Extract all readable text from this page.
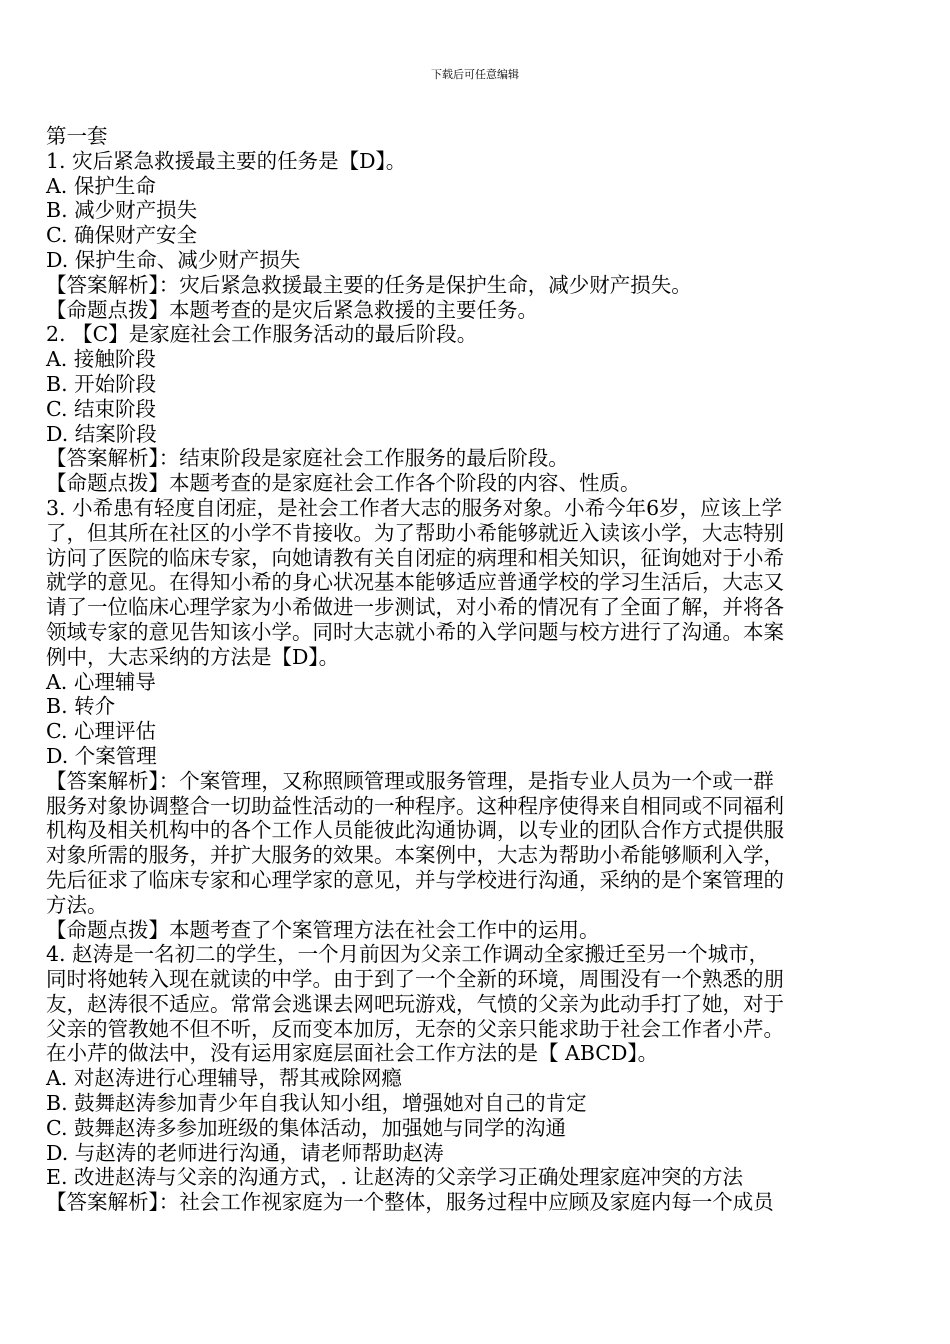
下载后可任意编辑
第一套
1. 灾后紧急救援最主要的任务是【D】。
A. 保护生命
B. 减少财产损失
C. 确保财产安全
D. 保护生命、减少财产损失
【答案解析】：灾后紧急救援最主要的任务是保护生命，减少财产损失。
【命题点拨】本题考查的是灾后紧急救援的主要任务。
2. 【C】是家庭社会工作服务活动的最后阶段。
A. 接触阶段
B. 开始阶段
C. 结束阶段
D. 结案阶段
【答案解析】：结束阶段是家庭社会工作服务的最后阶段。
【命题点拨】本题考查的是家庭社会工作各个阶段的内容、性质。
3. 小希患有轻度自闭症，是社会工作者大志的服务对象。小希今年6岁，应该上学
了，但其所在社区的小学不肯接收。为了帮助小希能够就近入读该小学，大志特别
访问了医院的临床专家，向她请教有关自闭症的病理和相关知识，征询她对于小希
就学的意见。在得知小希的身心状况基本能够适应普通学校的学习生活后，大志又
请了一位临床心理学家为小希做进一步测试，对小希的情况有了全面了解，并将各
领域专家的意见告知该小学。同时大志就小希的入学问题与校方进行了沟通。本案
例中，大志采纳的方法是【D】。
A. 心理辅导
B. 转介
C. 心理评估
D. 个案管理
【答案解析】：个案管理，又称照顾管理或服务管理，是指专业人员为一个或一群
服务对象协调整合一切助益性活动的一种程序。这种程序使得来自相同或不同福利
机构及相关机构中的各个工作人员能彼此沟通协调，以专业的团队合作方式提供服
对象所需的服务，并扩大服务的效果。本案例中，大志为帮助小希能够顺利入学，
先后征求了临床专家和心理学家的意见，并与学校进行沟通，采纳的是个案管理的
方法。
【命题点拨】本题考查了个案管理方法在社会工作中的运用。
4. 赵涛是一名初二的学生，一个月前因为父亲工作调动全家搬迁至另一个城市，
同时将她转入现在就读的中学。由于到了一个全新的环境，周围没有一个熟悉的朋
友，赵涛很不适应。常常会逃课去网吧玩游戏，气愤的父亲为此动手打了她，对于
父亲的管教她不但不听，反而变本加厉，无奈的父亲只能求助于社会工作者小芹。
在小芹的做法中，没有运用家庭层面社会工作方法的是【 ABCD】。
A. 对赵涛进行心理辅导，帮其戒除网瘾
B. 鼓舞赵涛参加青少年自我认知小组，增强她对自己的肯定
C. 鼓舞赵涛多参加班级的集体活动，加强她与同学的沟通
D. 与赵涛的老师进行沟通，请老师帮助赵涛
E. 改进赵涛与父亲的沟通方式，. 让赵涛的父亲学习正确处理家庭冲突的方法
【答案解析】：社会工作视家庭为一个整体，服务过程中应顾及家庭内每一个成员
